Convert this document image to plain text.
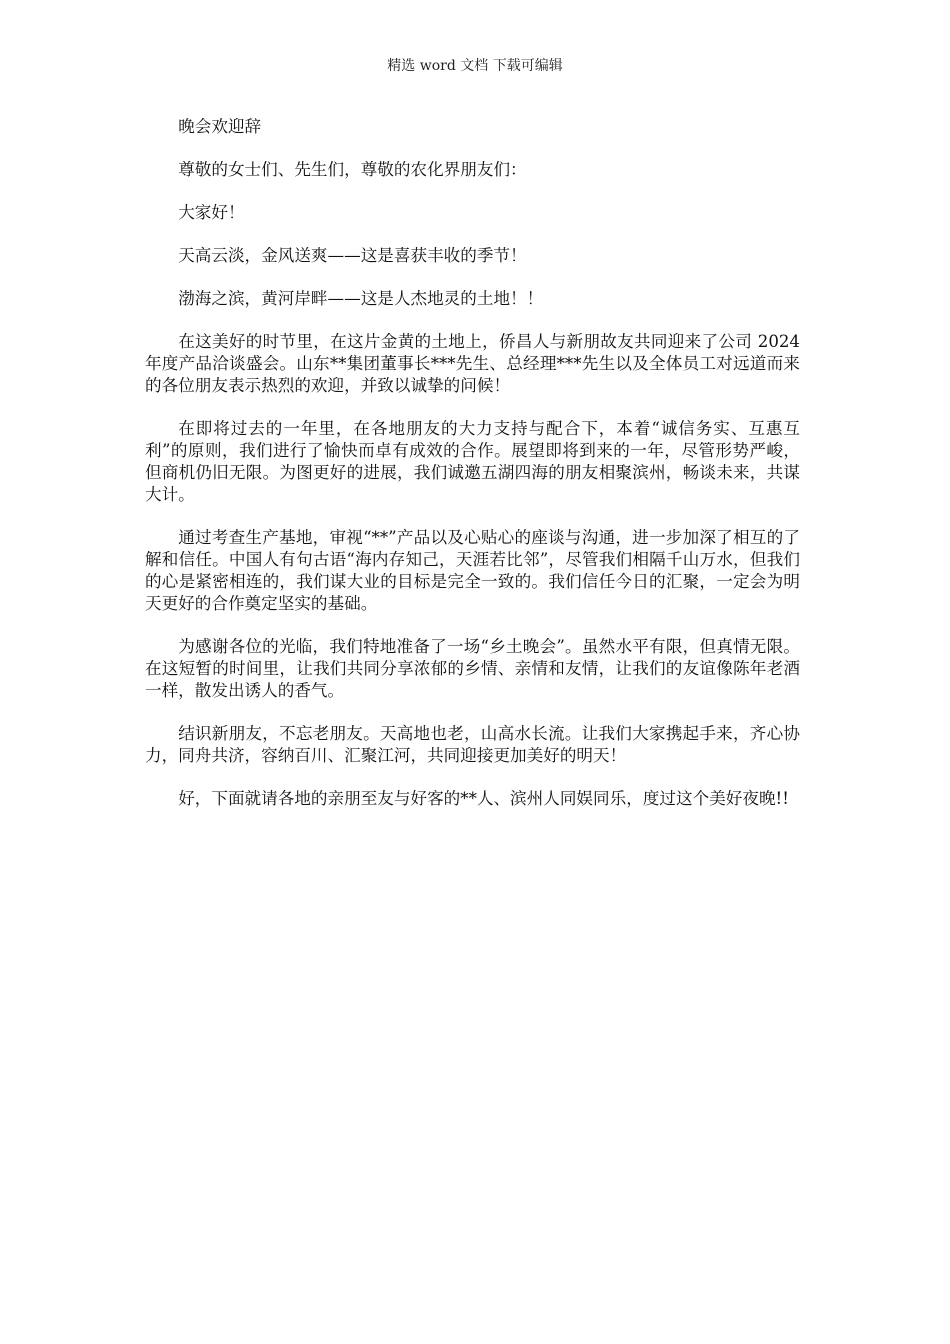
精选 word 文档 下载可编辑

晚会欢迎辞

尊敬的女士们、先生们，尊敬的农化界朋友们：

大家好！

天高云淡，金风送爽——这是喜获丰收的季节！

渤海之滨，黄河岸畔——这是人杰地灵的土地！！

在这美好的时节里，在这片金黄的土地上，侨昌人与新朋故友共同迎来了公司 2024 年度产品洽谈盛会。山东**集团董事长***先生、总经理***先生以及全体员工对远道而来的各位朋友表示热烈的欢迎，并致以诚挚的问候！

在即将过去的一年里，在各地朋友的大力支持与配合下，本着“诚信务实、互惠互利”的原则，我们进行了愉快而卓有成效的合作。展望即将到来的一年，尽管形势严峻，但商机仍旧无限。为图更好的进展，我们诚邀五湖四海的朋友相聚滨州，畅谈未来，共谋大计。

通过考查生产基地，审视“**”产品以及心贴心的座谈与沟通，进一步加深了相互的了解和信任。中国人有句古语“海内存知己，天涯若比邻”，尽管我们相隔千山万水，但我们的心是紧密相连的，我们谋大业的目标是完全一致的。我们信任今日的汇聚，一定会为明天更好的合作奠定坚实的基础。

为感谢各位的光临，我们特地准备了一场“乡土晚会”。虽然水平有限，但真情无限。在这短暂的时间里，让我们共同分享浓郁的乡情、亲情和友情，让我们的友谊像陈年老酒一样，散发出诱人的香气。

结识新朋友，不忘老朋友。天高地也老，山高水长流。让我们大家携起手来，齐心协力，同舟共济，容纳百川、汇聚江河，共同迎接更加美好的明天！

好，下面就请各地的亲朋至友与好客的**人、滨州人同娱同乐，度过这个美好夜晚!!
